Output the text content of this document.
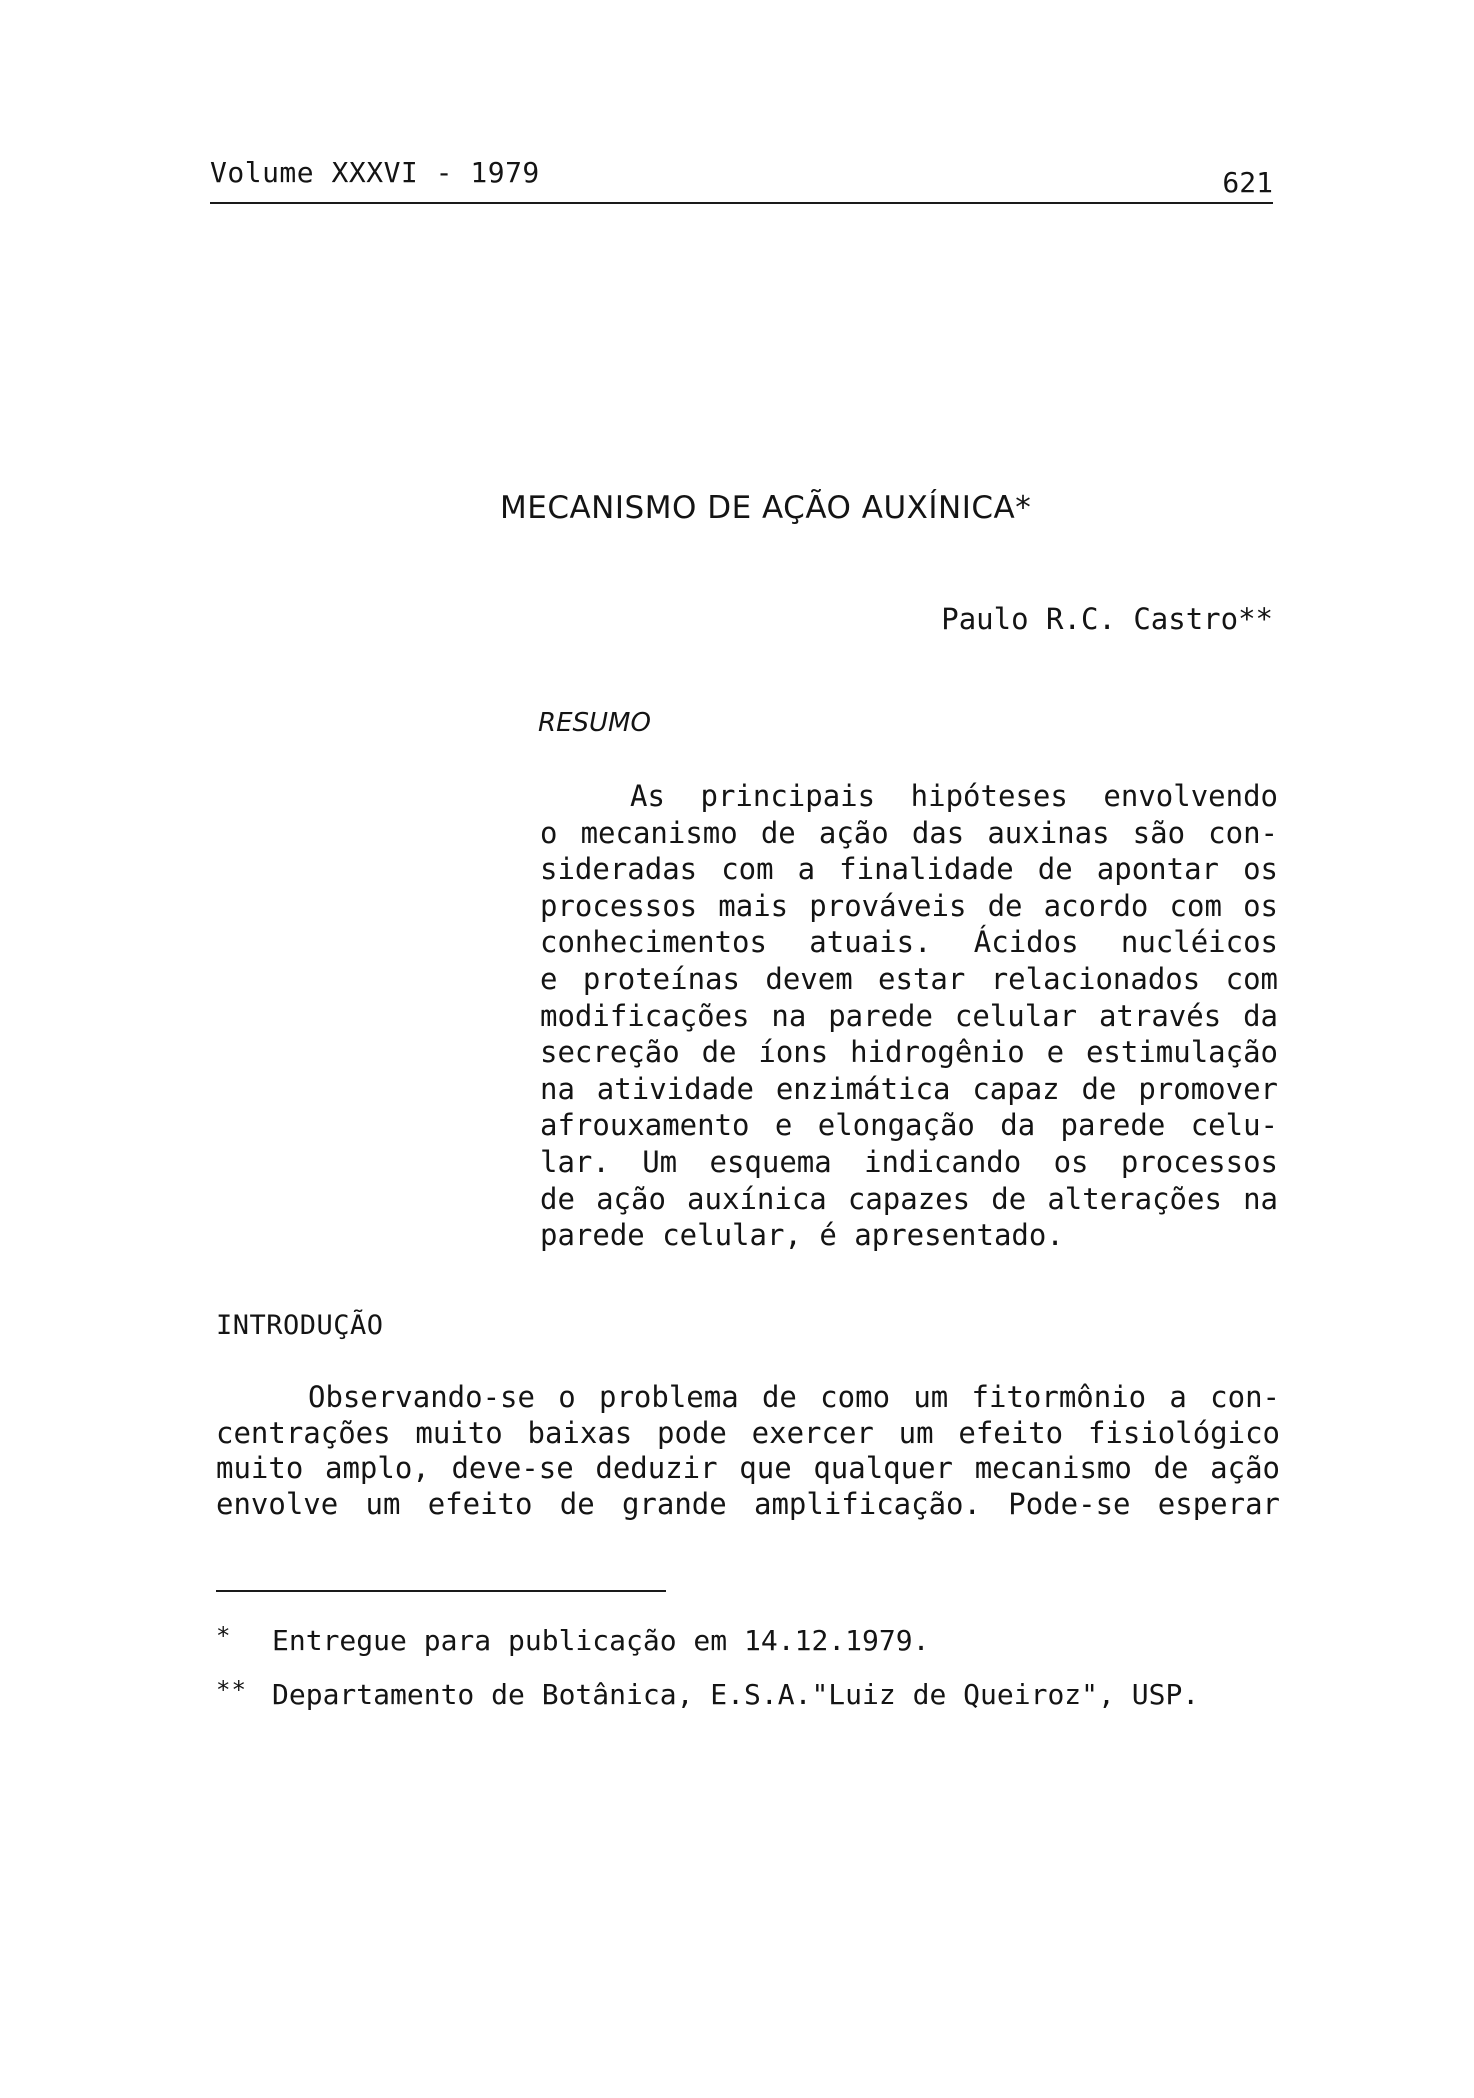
Volume XXXVI - 1979	621
MECANISMO DE AÇÃO AUXÍNICA*
Paulo R.C. Castro**
RESUMO
As principais hipóteses envolvendo
o mecanismo de ação das auxinas são con-
sideradas com a finalidade de apontar os
processos mais prováveis de acordo com os
conhecimentos atuais. Ácidos nucléicos
e proteínas devem estar relacionados com
modificações na parede celular através da
secreção de íons hidrogênio e estimulação
na atividade enzimática capaz de promover
afrouxamento e elongação da parede celu-
lar. Um esquema indicando os processos
de ação auxínica capazes de alterações na
parede celular, é apresentado.
INTRODUÇÃO
Observando-se o problema de como um fitormônio a con-
centrações muito baixas pode exercer um efeito fisiológico
muito amplo, deve-se deduzir que qualquer mecanismo de ação
envolve um efeito de grande amplificação. Pode-se esperar
* Entregue para publicação em 14.12.1979.
** Departamento de Botânica, E.S.A."Luiz de Queiroz", USP.
